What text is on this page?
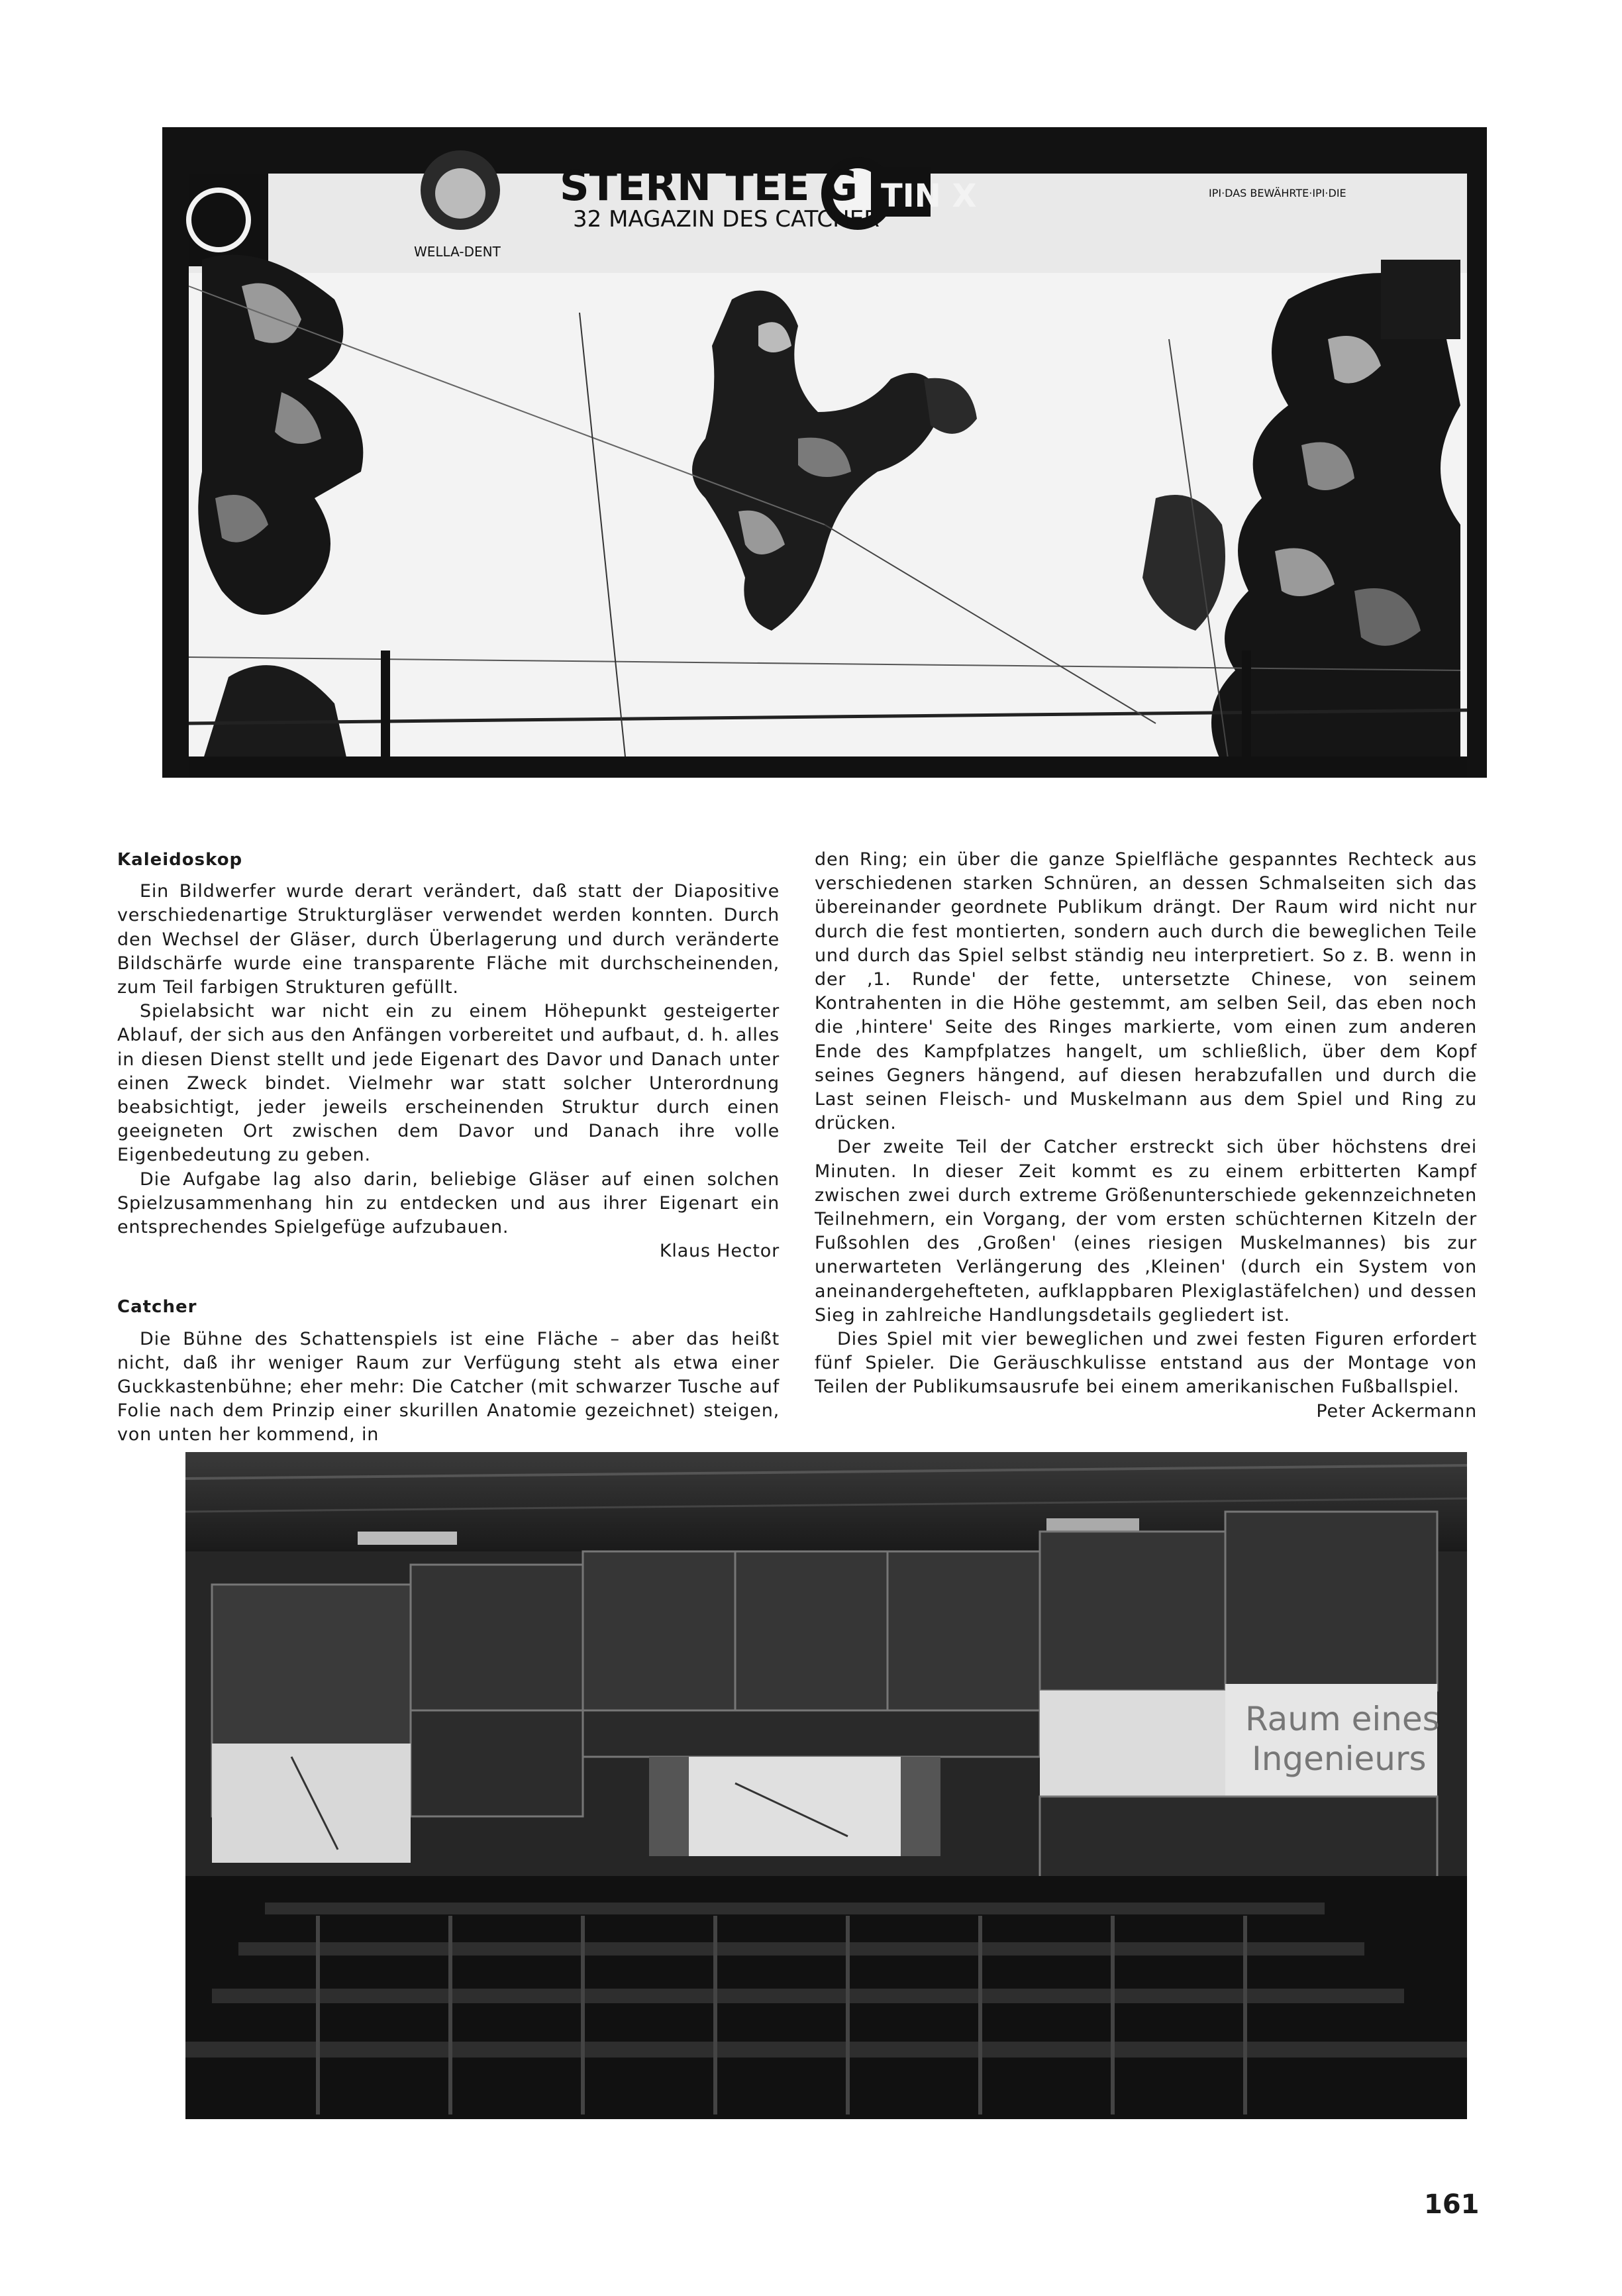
STERN TEE G TIN X
32 MAGAZIN DES CATCHER
WELLA-DENT
IPI·DAS BEWÄHRTE·IPI·DIE
Kaleidoskop

Ein Bildwerfer wurde derart verändert, daß statt der Diapositive verschiedenartige Strukturgläser verwendet werden konnten. Durch den Wechsel der Gläser, durch Überlagerung und durch veränderte Bildschärfe wurde eine transparente Fläche mit durchscheinenden, zum Teil farbigen Strukturen gefüllt.

Spielabsicht war nicht ein zu einem Höhepunkt gesteigerter Ablauf, der sich aus den Anfängen vorbereitet und aufbaut, d. h. alles in diesen Dienst stellt und jede Eigenart des Davor und Danach unter einen Zweck bindet. Vielmehr war statt solcher Unterordnung beabsichtigt, jeder jeweils erscheinenden Struktur durch einen geeigneten Ort zwischen dem Davor und Danach ihre volle Eigenbedeutung zu geben.

Die Aufgabe lag also darin, beliebige Gläser auf einen solchen Spielzusammenhang hin zu entdecken und aus ihrer Eigenart ein entsprechendes Spielgefüge aufzubauen.

Klaus Hector
Catcher

Die Bühne des Schattenspiels ist eine Fläche – aber das heißt nicht, daß ihr weniger Raum zur Verfügung steht als etwa einer Guckkastenbühne; eher mehr: Die Catcher (mit schwarzer Tusche auf Folie nach dem Prinzip einer skurillen Anatomie gezeichnet) steigen, von unten her kommend, in

den Ring; ein über die ganze Spielfläche gespanntes Rechteck aus verschiedenen starken Schnüren, an dessen Schmalseiten sich das übereinander geordnete Publikum drängt. Der Raum wird nicht nur durch die fest montierten, sondern auch durch die beweglichen Teile und durch das Spiel selbst ständig neu interpretiert. So z. B. wenn in der ‚1. Runde' der fette, untersetzte Chinese, von seinem Kontrahenten in die Höhe gestemmt, am selben Seil, das eben noch die ‚hintere' Seite des Ringes markierte, vom einen zum anderen Ende des Kampfplatzes hangelt, um schließlich, über dem Kopf seines Gegners hängend, auf diesen herabzufallen und durch die Last seinen Fleisch- und Muskelmann aus dem Spiel und Ring zu drücken.

Der zweite Teil der Catcher erstreckt sich über höchstens drei Minuten. In dieser Zeit kommt es zu einem erbitterten Kampf zwischen zwei durch extreme Größenunterschiede gekennzeichneten Teilnehmern, ein Vorgang, der vom ersten schüchternen Kitzeln der Fußsohlen des ‚Großen' (eines riesigen Muskelmannes) bis zur unerwarteten Verlängerung des ‚Kleinen' (durch ein System von aneinandergehefteten, aufklappbaren Plexiglastäfelchen) und dessen Sieg in zahlreiche Handlungsdetails gegliedert ist.

Dies Spiel mit vier beweglichen und zwei festen Figuren erfordert fünf Spieler. Die Geräuschkulisse entstand aus der Montage von Teilen der Publikumsausrufe bei einem amerikanischen Fußballspiel.

Peter Ackermann
Raum eines
Ingenieurs
161
